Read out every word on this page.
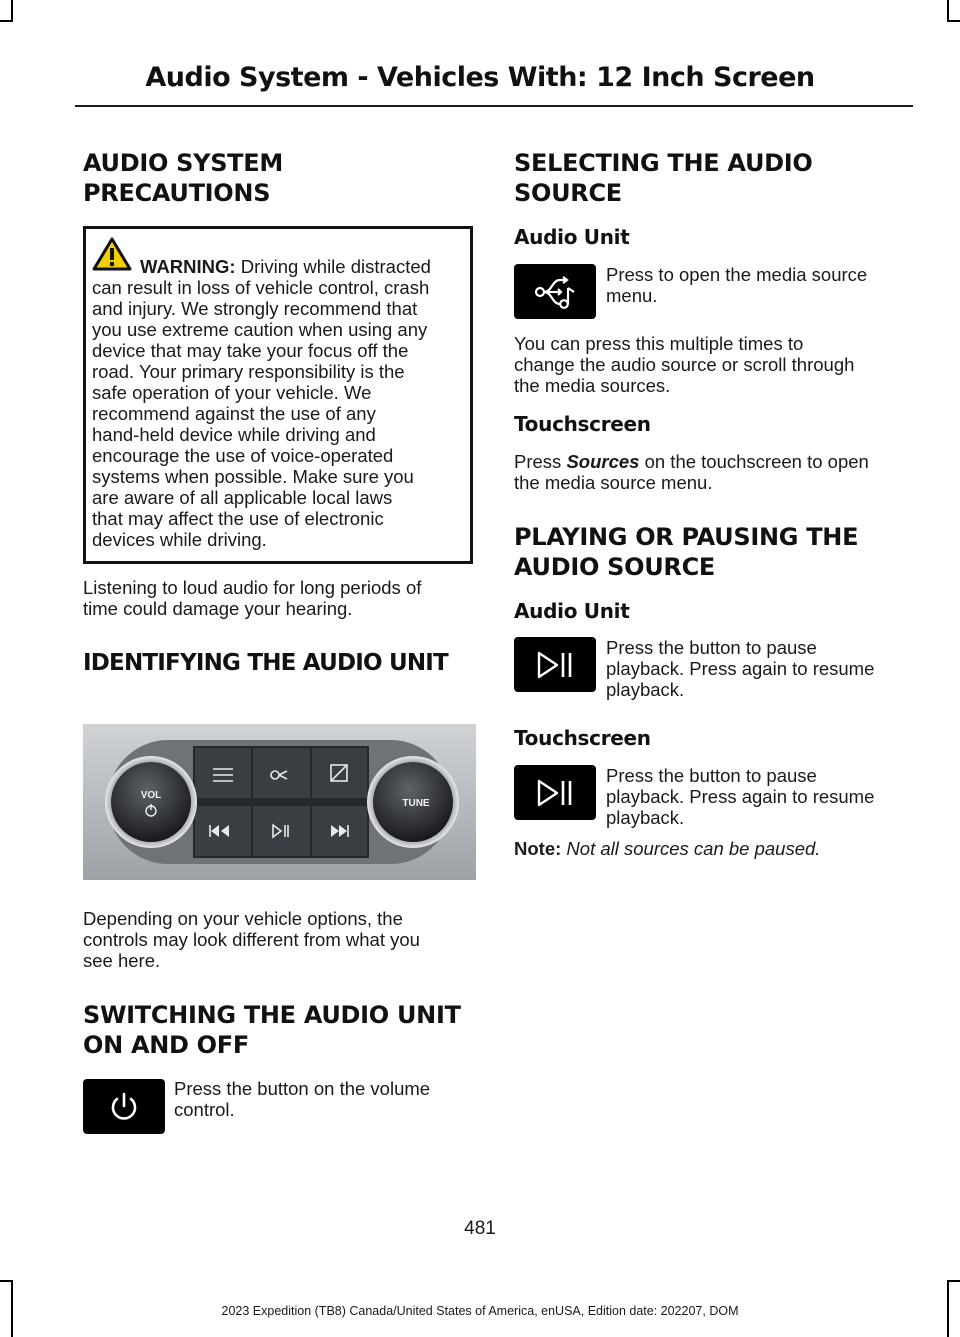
Audio System - Vehicles With: 12 Inch Screen
AUDIO SYSTEM
PRECAUTIONS
WARNING: Driving while distracted
can result in loss of vehicle control, crash
and injury. We strongly recommend that
you use extreme caution when using any
device that may take your focus off the
road. Your primary responsibility is the
safe operation of your vehicle. We
recommend against the use of any
hand-held device while driving and
encourage the use of voice-operated
systems when possible. Make sure you
are aware of all applicable local laws
that may affect the use of electronic
devices while driving.
Listening to loud audio for long periods of
time could damage your hearing.
IDENTIFYING THE AUDIO UNIT
VOL
TUNE
Depending on your vehicle options, the
controls may look different from what you
see here.
SWITCHING THE AUDIO UNIT
ON AND OFF
Press the button on the volume
control.
SELECTING THE AUDIO
SOURCE
Audio Unit
Press to open the media source
menu.
You can press this multiple times to
change the audio source or scroll through
the media sources.
Touchscreen
Press Sources on the touchscreen to open
the media source menu.
PLAYING OR PAUSING THE
AUDIO SOURCE
Audio Unit
Press the button to pause
playback. Press again to resume
playback.
Touchscreen
Press the button to pause
playback. Press again to resume
playback.
Note: Not all sources can be paused.
481
2023 Expedition (TB8) Canada/United States of America, enUSA, Edition date: 202207, DOM
